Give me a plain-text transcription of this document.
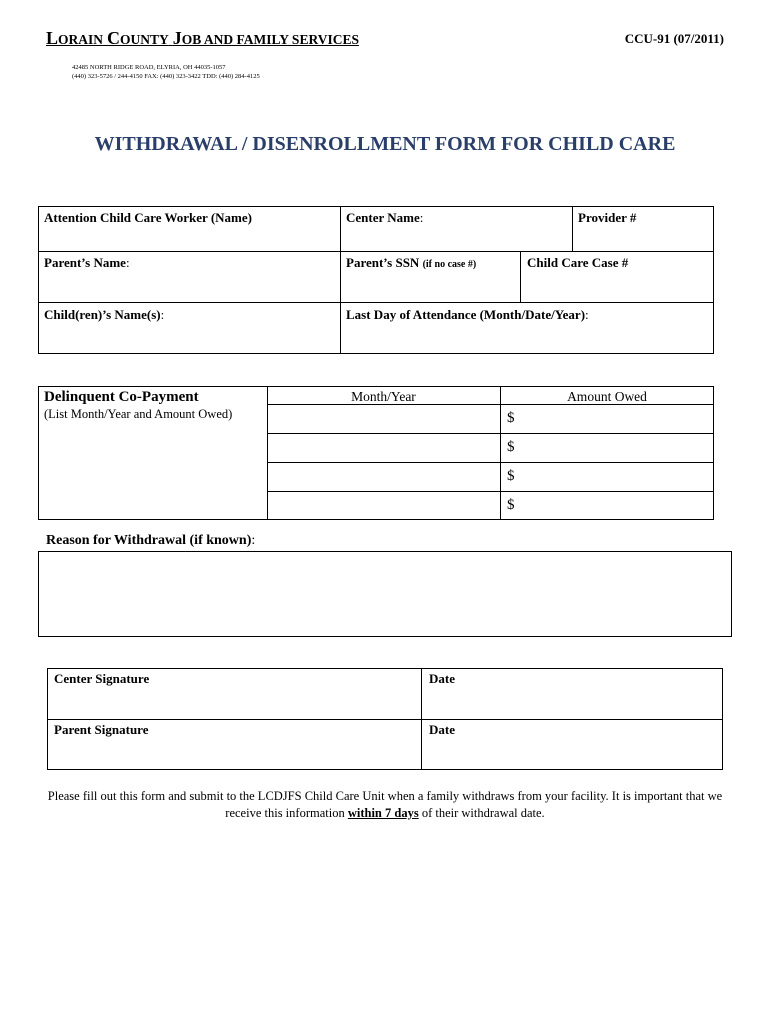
LORAIN COUNTY JOB AND FAMILY SERVICES	CCU-91 (07/2011)
42485 NORTH RIDGE ROAD, ELYRIA, OH 44035-1057
(440) 323-5726 / 244-4150 FAX: (440) 323-3422 TDD: (440) 284-4125
WITHDRAWAL / DISENROLLMENT FORM FOR CHILD CARE
Attention Child Care Worker (Name)	Center Name:	Provider #
Parent’s Name:	Parent’s SSN (if no case #)	Child Care Case #
Child(ren)’s Name(s):	Last Day of Attendance (Month/Date/Year):
Delinquent Co-Payment
(List Month/Year and Amount Owed)
Month/Year	Amount Owed
$
$
$
$
Reason for Withdrawal (if known):
Center Signature	Date
Parent Signature	Date
Please fill out this form and submit to the LCDJFS Child Care Unit when a family withdraws from your facility. It is important that we receive this information within 7 days of their withdrawal date.
